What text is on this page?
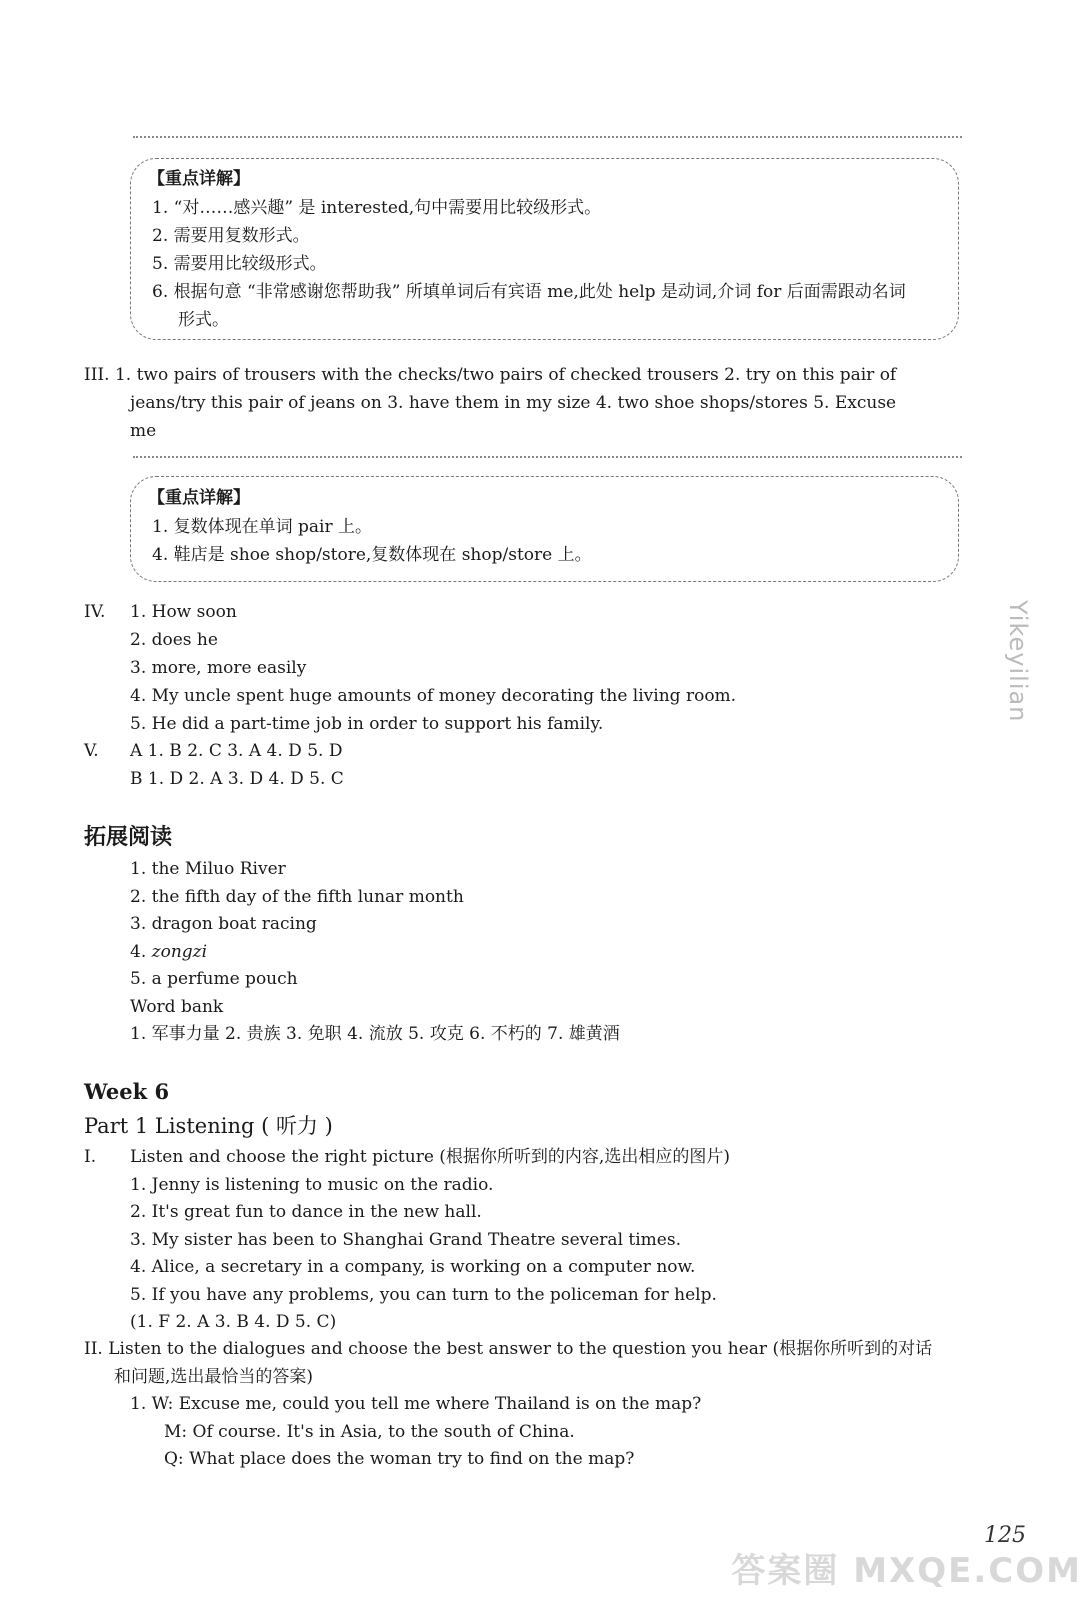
【重点详解】
1. “对……感兴趣” 是 interested,句中需要用比较级形式。
2. 需要用复数形式。
5. 需要用比较级形式。
6. 根据句意 “非常感谢您帮助我” 所填单词后有宾语 me,此处 help 是动词,介词 for 后面需跟动名词
形式。
III. 1. two pairs of trousers with the checks/two pairs of checked trousers 2. try on this pair of
jeans/try this pair of jeans on 3. have them in my size 4. two shoe shops/stores 5. Excuse
me
【重点详解】
1. 复数体现在单词 pair 上。
4. 鞋店是 shoe shop/store,复数体现在 shop/store 上。
IV. 1. How soon
2. does he
3. more, more easily
4. My uncle spent huge amounts of money decorating the living room.
5. He did a part-time job in order to support his family.
V. A 1. B 2. C 3. A 4. D 5. D
B 1. D 2. A 3. D 4. D 5. C
拓展阅读
1. the Miluo River
2. the fifth day of the fifth lunar month
3. dragon boat racing
4. zongzi
5. a perfume pouch
Word bank
1. 军事力量 2. 贵族 3. 免职 4. 流放 5. 攻克 6. 不朽的 7. 雄黄酒
Week 6
Part 1 Listening ( 听力 )
I. Listen and choose the right picture (根据你所听到的内容,选出相应的图片)
1. Jenny is listening to music on the radio.
2. It's great fun to dance in the new hall.
3. My sister has been to Shanghai Grand Theatre several times.
4. Alice, a secretary in a company, is working on a computer now.
5. If you have any problems, you can turn to the policeman for help.
(1. F 2. A 3. B 4. D 5. C)
II. Listen to the dialogues and choose the best answer to the question you hear (根据你所听到的对话
和问题,选出最恰当的答案)
1. W: Excuse me, could you tell me where Thailand is on the map?
M: Of course. It's in Asia, to the south of China.
Q: What place does the woman try to find on the map?
Yikeyilian
125
答案圈 MXQE.COM
